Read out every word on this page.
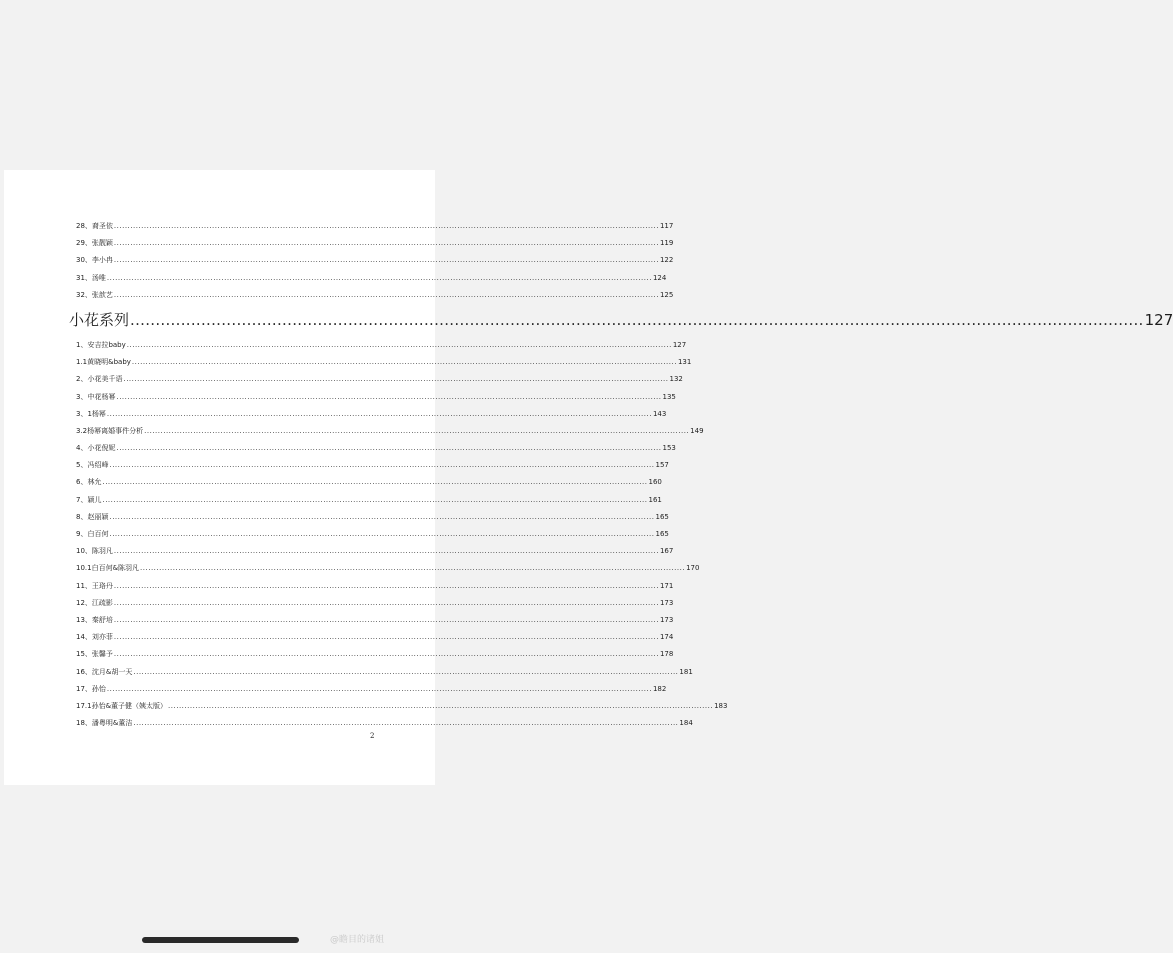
28、裔圣依 ........................................................................................................................................................................................................ 117
29、张靓颖 ........................................................................................................................................................................................................ 119
30、李小冉 ........................................................................................................................................................................................................ 122
31、汤唯 ........................................................................................................................................................................................................ 124
32、张歆艺 ........................................................................................................................................................................................................ 125
小花系列 ........................................................................................................................................................................................................ 127
1、安吉拉baby ........................................................................................................................................................................................................ 127
1.1黄晓明&baby ........................................................................................................................................................................................................ 131
2、小花美千语 ........................................................................................................................................................................................................ 132
3、中花杨幂 ........................................................................................................................................................................................................ 135
3、1杨幂 ........................................................................................................................................................................................................ 143
3.2杨幂离婚事件分析 ........................................................................................................................................................................................................ 149
4、小花倪妮 ........................................................................................................................................................................................................ 153
5、冯绍峰 ........................................................................................................................................................................................................ 157
6、林允 ........................................................................................................................................................................................................ 160
7、颖儿 ........................................................................................................................................................................................................ 161
8、赵丽颖 ........................................................................................................................................................................................................ 165
9、白百何 ........................................................................................................................................................................................................ 165
10、陈羽凡 ........................................................................................................................................................................................................ 167
10.1白百何&陈羽凡 ........................................................................................................................................................................................................ 170
11、王珞丹 ........................................................................................................................................................................................................ 171
12、江疏影 ........................................................................................................................................................................................................ 173
13、秦舒培 ........................................................................................................................................................................................................ 173
14、刘亦菲 ........................................................................................................................................................................................................ 174
15、张馨予 ........................................................................................................................................................................................................ 178
16、沈月&胡一天 ........................................................................................................................................................................................................ 181
17、孙怡 ........................................................................................................................................................................................................ 182
17.1孙怡&董子健（姨太版） ........................................................................................................................................................................................................ 183
18、潘粤明&董洁 ........................................................................................................................................................................................................ 184
2
@瞻目的诸姐
